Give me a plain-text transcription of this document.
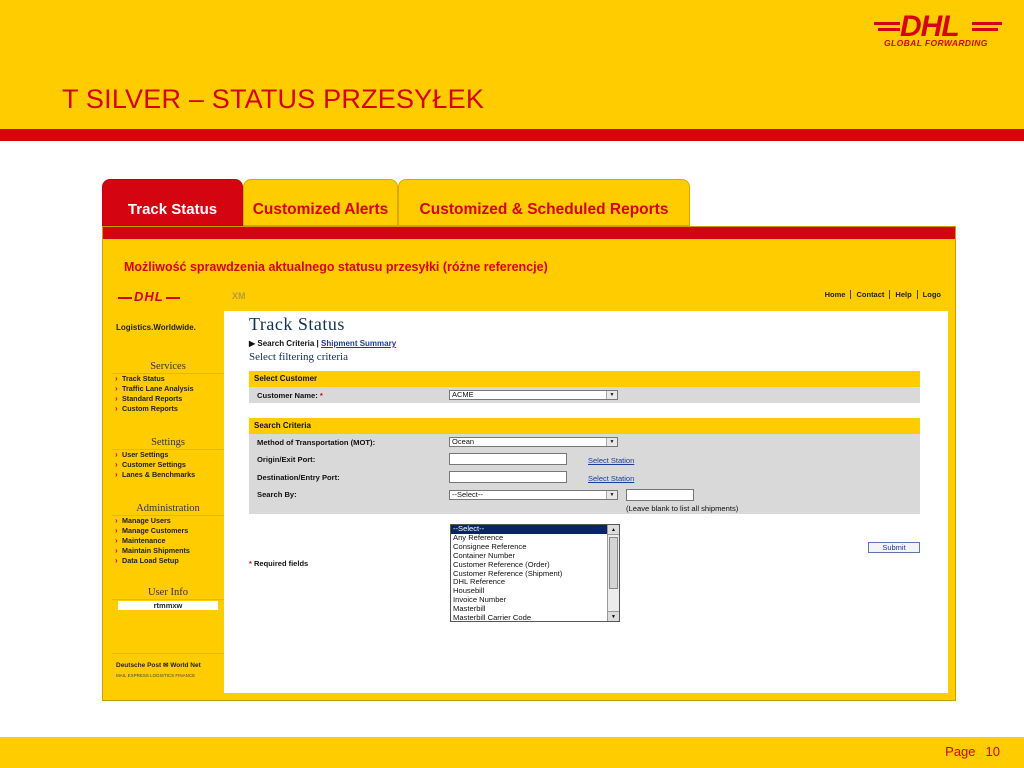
DHL
GLOBAL FORWARDING
T SILVER – STATUS PRZESYŁEK
Page 10
Track Status	Customized Alerts	Customized & Scheduled Reports
Możliwość sprawdzenia aktualnego statusu przesyłki (różne referencje)
DHL	XM	Home	Contact	Help	Logo
Logistics.Worldwide.
Services
› Track Status
› Traffic Lane Analysis
› Standard Reports
› Custom Reports
Settings
› User Settings
› Customer Settings
› Lanes & Benchmarks
Administration
› Manage Users
› Manage Customers
› Maintenance
› Maintain Shipments
› Data Load Setup
User Info
rtmmxw
Deutsche Post ✉ World Net
MAIL EXPRESS LOGISTICS FINANCE
Track Status
▶ Search Criteria | Shipment Summary
Select filtering criteria
Select Customer
Customer Name: *	ACME	▼
Search Criteria
Method of Transportation (MOT):	Ocean	▼
Origin/Exit Port:	Select Station
Destination/Entry Port:	Select Station
Search By:	--Select--	▼
(Leave blank to list all shipments)
--Select--
Any Reference
Consignee Reference
Container Number
Customer Reference (Order)
Customer Reference (Shipment)
DHL Reference
Housebill
Invoice Number
Masterbill
Masterbill Carrier Code
▲
▼
Submit
* Required fields
